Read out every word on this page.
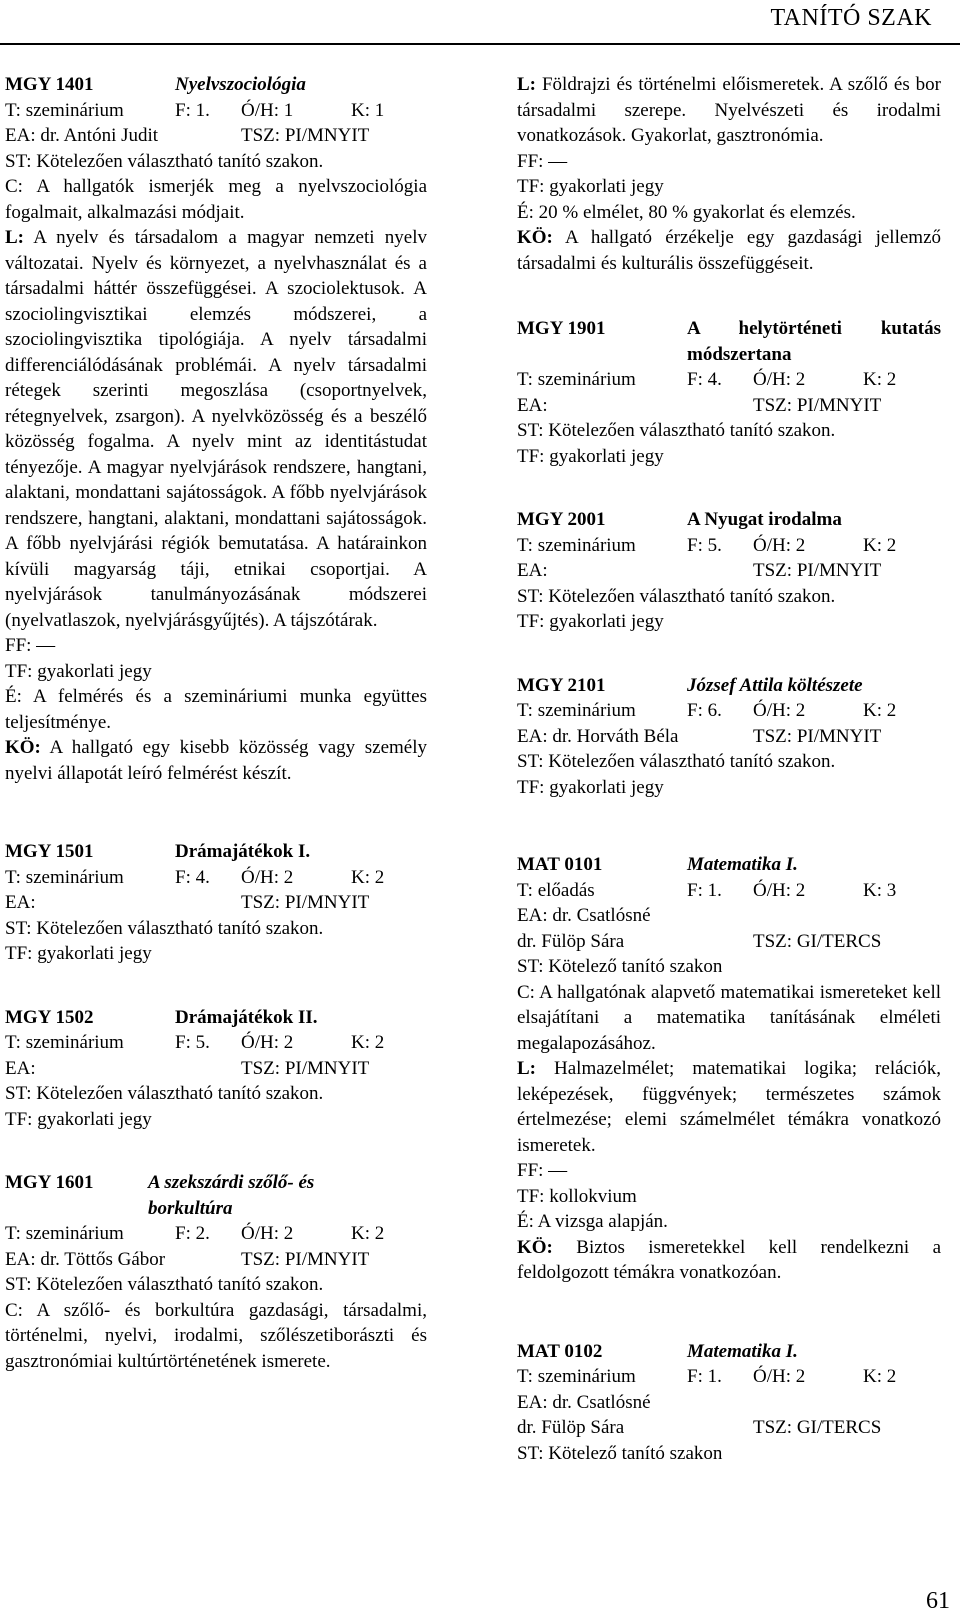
TANÍTÓ SZAK
MGY 1401	Nyelvszociológia
T: szeminárium	F: 1. Ó/H: 1	K: 1
EA: dr. Antóni Judit	TSZ: PI/MNYIT

ST: Kötelezően választható tanító szakon.

C: A hallgatók ismerjék meg a nyelvszociológia fogalmait, alkalmazási módjait.

L: A nyelv és társadalom a magyar nemzeti nyelv változatai. Nyelv és környezet, a nyelvhasználat és a társadalmi háttér összefüggései. A szociolektusok. A szociolingvisztikai elemzés módszerei, a szociolingvisztika tipológiája. A nyelv társadalmi differenciálódásának problémái. A nyelv társadalmi rétegek szerinti megoszlása (csoportnyelvek, rétegnyelvek, zsargon). A nyelvközösség és a beszélő közösség fogalma. A nyelv mint az identitástudat tényezője. A magyar nyelvjárások rendszere, hangtani, alaktani, mondattani sajátosságok. A főbb nyelvjárások rendszere, hangtani, alaktani, mondattani sajátosságok. A főbb nyelvjárási régiók bemutatása. A határainkon kívüli magyarság táji, etnikai csoportjai. A nyelvjárások tanulmányozásának módszerei (nyelvatlaszok, nyelvjárásgyűjtés). A tájszótárak.

FF: —

TF: gyakorlati jegy

É: A felmérés és a szemináriumi munka együttes teljesítménye.

KÖ: A hallgató egy kisebb közösség vagy személy nyelvi állapotát leíró felmérést készít.

MGY 1501	Drámajátékok I.
T: szeminárium	F: 4. Ó/H: 2	K: 2
EA:	TSZ: PI/MNYIT

ST: Kötelezően választható tanító szakon.

TF: gyakorlati jegy

MGY 1502	Drámajátékok II.
T: szeminárium	F: 5. Ó/H: 2	K: 2
EA:	TSZ: PI/MNYIT

ST: Kötelezően választható tanító szakon.

TF: gyakorlati jegy

MGY 1601	A szekszárdi szőlő- és
borkultúra
T: szeminárium	F: 2. Ó/H: 2	K: 2
EA: dr. Töttős Gábor	TSZ: PI/MNYIT

ST: Kötelezően választható tanító szakon.

C: A szőlő- és borkultúra gazdasági, társadalmi, történelmi, nyelvi, irodalmi, szőlészetiborászti és gasztronómiai kultúrtörténetének ismerete.

L: Földrajzi és történelmi előismeretek. A szőlő és bor társadalmi szerepe. Nyelvészeti és irodalmi vonatkozások. Gyakorlat, gasztronómia.

FF: —

TF: gyakorlati jegy

É: 20 % elmélet, 80 % gyakorlat és elemzés.

KÖ: A hallgató érzékelje egy gazdasági jellemző társadalmi és kulturális összefüggéseit.

MGY 1901	A helytörténeti kutatás
módszertana
T: szeminárium	F: 4. Ó/H: 2	K: 2
EA:	TSZ: PI/MNYIT

ST: Kötelezően választható tanító szakon.

TF: gyakorlati jegy

MGY 2001	A Nyugat irodalma
T: szeminárium	F: 5. Ó/H: 2	K: 2
EA:	TSZ: PI/MNYIT

ST: Kötelezően választható tanító szakon.

TF: gyakorlati jegy

MGY 2101	József Attila költészete
T: szeminárium	F: 6. Ó/H: 2	K: 2
EA: dr. Horváth Béla	TSZ: PI/MNYIT

ST: Kötelezően választható tanító szakon.

TF: gyakorlati jegy

MAT 0101	Matematika I.
T: előadás	F: 1. Ó/H: 2	K: 3
EA: dr. Csatlósné
dr. Fülöp Sára	TSZ: GI/TERCS

ST: Kötelező tanító szakon

C: A hallgatónak alapvető matematikai ismereteket kell elsajátítani a matematika tanításának elméleti megalapozásához.

L: Halmazelmélet; matematikai logika; relációk, leképezések, függvények; természetes számok értelmezése; elemi számelmélet témákra vonatkozó ismeretek.

FF: —

TF: kollokvium

É: A vizsga alapján.

KÖ: Biztos ismeretekkel kell rendelkezni a feldolgozott témákra vonatkozóan.

MAT 0102	Matematika I.
T: szeminárium	F: 1. Ó/H: 2	K: 2
EA: dr. Csatlósné
dr. Fülöp Sára	TSZ: GI/TERCS

ST: Kötelező tanító szakon

61
